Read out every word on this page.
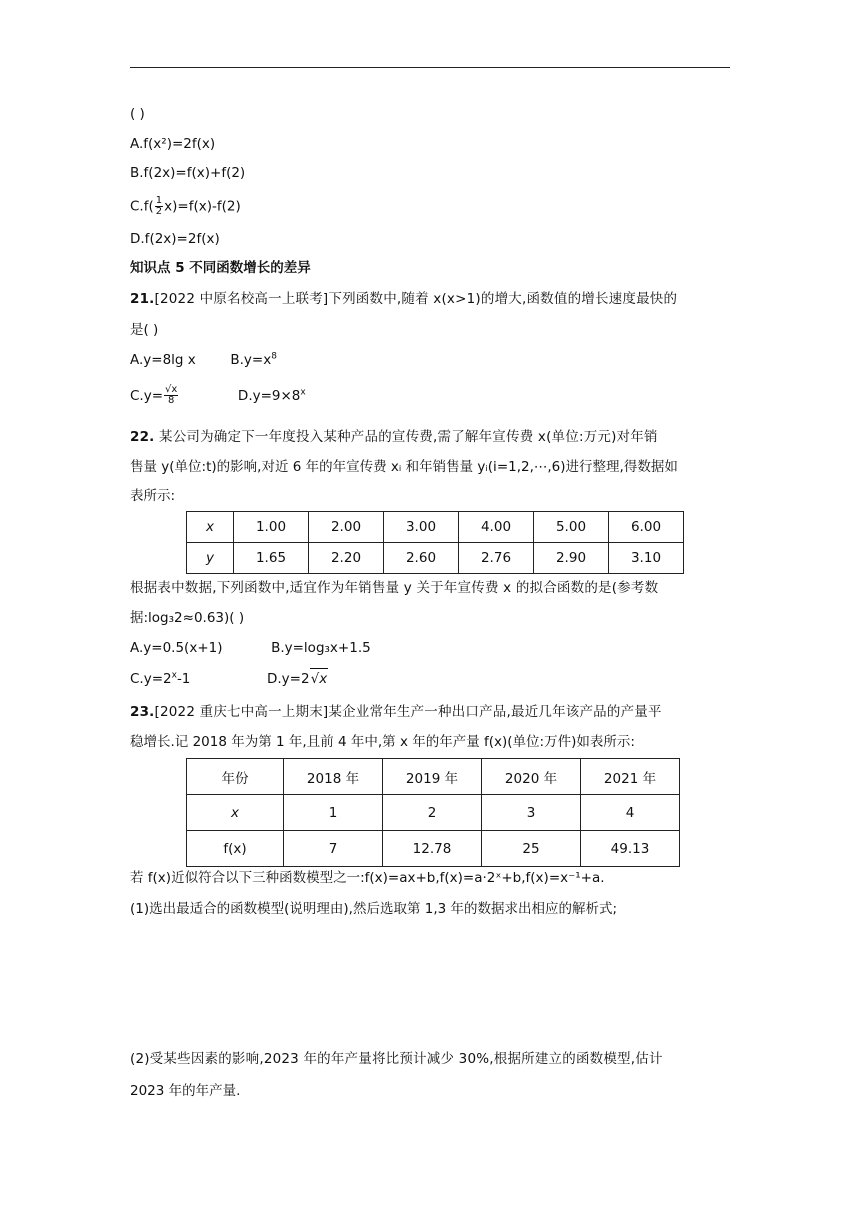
( )
A.f(x²)=2f(x)
B.f(2x)=f(x)+f(2)
$C.f( \frac{1}{2} x)=f(x)-f(2)$
D.f(2x)=2f(x)
知识点 5 不同函数增长的差异
21.[2022 中原名校高一上联考]下列函数中,随着 x(x>1)的增大,函数值的增长速度最快的
是( )
A.y=8lg x	$B.y=x^8$
$C.y= \frac{√x}{8}$	$D.y=9\times 8^x$
22. 某公司为确定下一年度投入某种产品的宣传费,需了解年宣传费 x(单位:万元)对年销
售量 y(单位:t)的影响,对近 6 年的年宣传费 xᵢ 和年销售量 yᵢ(i=1,2,⋯,6)进行整理,得数据如
表所示:
x	1.00	2.00	3.00	4.00	5.00	6.00
y	1.65	2.20	2.60	2.76	2.90	3.10
根据表中数据,下列函数中,适宜作为年销售量 y 关于年宣传费 x 的拟合函数的是(参考数
据:log₃2≈0.63)( )
A.y=0.5(x+1)	B.y=log₃x+1.5
$C.y=2^x-1$	D.y=2√x
23.[2022 重庆七中高一上期末]某企业常年生产一种出口产品,最近几年该产品的产量平
稳增长.记 2018 年为第 1 年,且前 4 年中,第 x 年的年产量 f(x)(单位:万件)如表所示:
年份	2018 年	2019 年	2020 年	2021 年
x	1	2	3	4
f(x)	7	12.78	25	49.13
若 f(x)近似符合以下三种函数模型之一:f(x)=ax+b,f(x)=a·2ˣ+b,f(x)=x⁻¹+a.
(1)选出最适合的函数模型(说明理由),然后选取第 1,3 年的数据求出相应的解析式;
(2)受某些因素的影响,2023 年的年产量将比预计减少 30%,根据所建立的函数模型,估计
2023 年的年产量.
